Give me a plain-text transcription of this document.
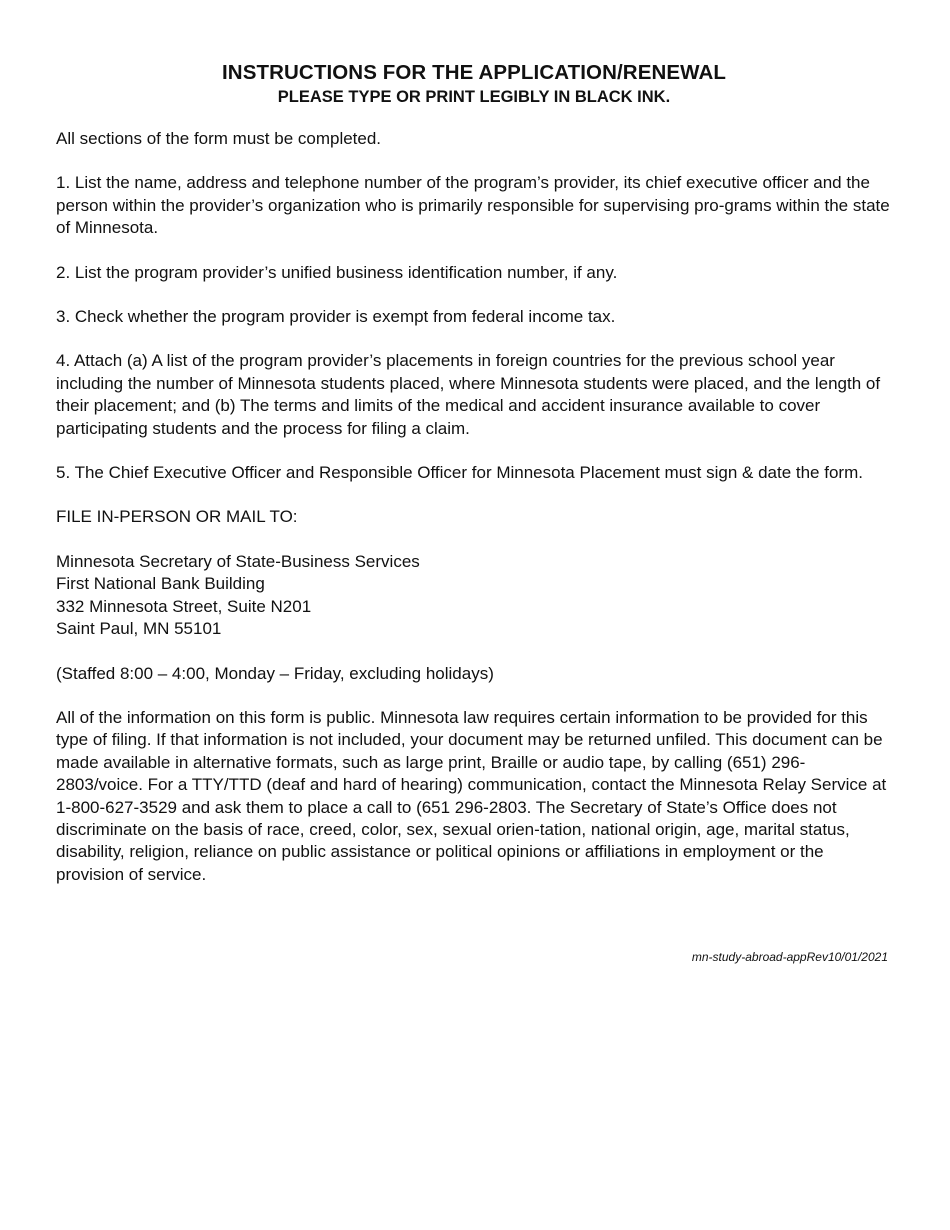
INSTRUCTIONS FOR THE APPLICATION/RENEWAL
PLEASE TYPE OR PRINT LEGIBLY IN BLACK INK.

All sections of the form must be completed.

1. List the name, address and telephone number of the program’s provider, its chief executive officer and the person within the provider’s organization who is primarily responsible for supervising pro-grams within the state of Minnesota.

2. List the program provider’s unified business identification number, if any.

3. Check whether the program provider is exempt from federal income tax.

4. Attach (a) A list of the program provider’s placements in foreign countries for the previous school year including the number of Minnesota students placed, where Minnesota students were placed, and the length of their placement; and (b) The terms and limits of the medical and accident insurance available to cover participating students and the process for filing a claim.

5. The Chief Executive Officer and Responsible Officer for Minnesota Placement must sign & date the form.

FILE IN-PERSON OR MAIL TO:

Minnesota Secretary of State-Business Services
First National Bank Building
332 Minnesota Street, Suite N201
Saint Paul, MN 55101

(Staffed 8:00 – 4:00, Monday – Friday, excluding holidays)

All of the information on this form is public. Minnesota law requires certain information to be provided for this type of filing. If that information is not included, your document may be returned unfiled. This document can be made available in alternative formats, such as large print, Braille or audio tape, by calling (651) 296-2803/voice. For a TTY/TTD (deaf and hard of hearing) communication, contact the Minnesota Relay Service at 1-800-627-3529 and ask them to place a call to (651 296-2803. The Secretary of State’s Office does not discriminate on the basis of race, creed, color, sex, sexual orien-tation, national origin, age, marital status, disability, religion, reliance on public assistance or political opinions or affiliations in employment or the provision of service.

mn-study-abroad-appRev10/01/2021
